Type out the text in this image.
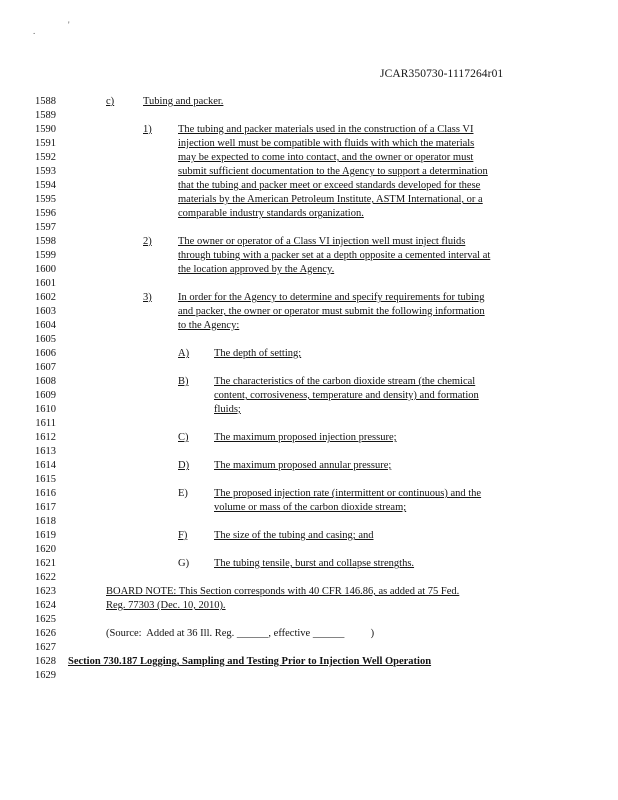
.
'
JCAR350730-1117264r01
1588
1589
1590
1591
1592
1593
1594
1595
1596
1597
1598
1599
1600
1601
1602
1603
1604
1605
1606
1607
1608
1609
1610
1611
1612
1613
1614
1615
1616
1617
1618
1619
1620
1621
1622
1623
1624
1625
1626
1627
1628
1629
c)	Tubing and packer.
1)	The tubing and packer materials used in the construction of a Class VI
injection well must be compatible with fluids with which the materials
may be expected to come into contact, and the owner or operator must
submit sufficient documentation to the Agency to support a determination
that the tubing and packer meet or exceed standards developed for these
materials by the American Petroleum Institute, ASTM International, or a
comparable industry standards organization.
2)	The owner or operator of a Class VI injection well must inject fluids
through tubing with a packer set at a depth opposite a cemented interval at
the location approved by the Agency.
3)	In order for the Agency to determine and specify requirements for tubing
and packer, the owner or operator must submit the following information
to the Agency:
A) The depth of setting;
B) The characteristics of the carbon dioxide stream (the chemical
content, corrosiveness, temperature and density) and formation
fluids;
C) The maximum proposed injection pressure;
D) The maximum proposed annular pressure;
E) The proposed injection rate (intermittent or continuous) and the
volume or mass of the carbon dioxide stream;
F)	The size of the tubing and casing; and
G) The tubing tensile, burst and collapse strengths.
BOARD NOTE: This Section corresponds with 40 CFR 146.86, as added at 75 Fed.
Reg. 77303 (Dec. 10, 2010).
(Source:  Added at 36 Ill. Reg. ______, effective ______          )
Section 730.187 Logging, Sampling and Testing Prior to Injection Well Operation
